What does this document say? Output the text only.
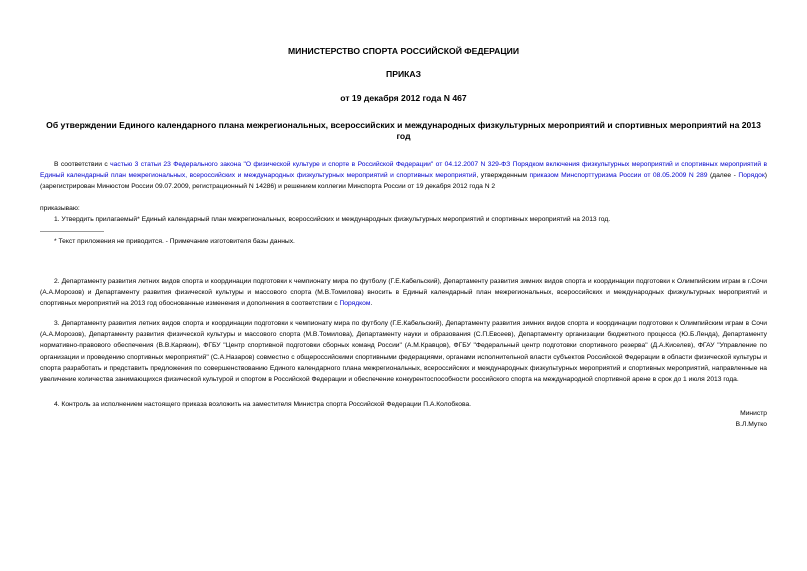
МИНИСТЕРСТВО СПОРТА РОССИЙСКОЙ ФЕДЕРАЦИИ
ПРИКАЗ
от 19 декабря 2012 года N 467
Об утверждении Единого календарного плана межрегиональных, всероссийских и международных физкультурных мероприятий и спортивных мероприятий на 2013 год
В соответствии с частью 3 статьи 23 Федерального закона "О физической культуре и спорте в Российской Федерации" от 04.12.2007 N 329-ФЗ Порядком включения физкультурных мероприятий и спортивных мероприятий в Единый календарный план межрегиональных, всероссийских и международных физкультурных мероприятий и спортивных мероприятий, утвержденным приказом Минспорттуризма России от 08.05.2009 N 289 (далее - Порядок) (зарегистрирован Минюстом России 09.07.2009, регистрационный N 14286) и решением коллегии Минспорта России от 19 декабря 2012 года N 2
приказываю:
1. Утвердить прилагаемый* Единый календарный план межрегиональных, всероссийских и международных физкультурных мероприятий и спортивных мероприятий на 2013 год.
* Текст приложения не приводится. - Примечание изготовителя базы данных.
2. Департаменту развития летних видов спорта и координации подготовки к чемпионату мира по футболу (Г.Е.Кабельский), Департаменту развития зимних видов спорта и координации подготовки к Олимпийским играм в г.Сочи (А.А.Морозов) и Департаменту развития физической культуры и массового спорта (М.В.Томилова) вносить в Единый календарный план межрегиональных, всероссийских и международных физкультурных мероприятий и спортивных мероприятий на 2013 год обоснованные изменения и дополнения в соответствии с Порядком.
3. Департаменту развития летних видов спорта и координации подготовки к чемпионату мира по футболу (Г.Е.Кабельский), Департаменту развития зимних видов спорта и координации подготовки к Олимпийским играм в Сочи (А.А.Морозов), Департаменту развития физической культуры и массового спорта (М.В.Томилова), Департаменту науки и образования (С.П.Евсеев), Департаменту организации бюджетного процесса (Ю.Б.Ленда), Департаменту нормативно-правового обеспечения (В.В.Карякин), ФГБУ "Центр спортивной подготовки сборных команд России" (А.М.Кравцов), ФГБУ "Федеральный центр подготовки спортивного резерва" (Д.А.Киселев), ФГАУ "Управление по организации и проведению спортивных мероприятий" (С.А.Назаров) совместно с общероссийскими спортивными федерациями, органами исполнительной власти субъектов Российской Федерации в области физической культуры и спорта разработать и представить предложения по совершенствованию Единого календарного плана межрегиональных, всероссийских и международных физкультурных мероприятий и спортивных мероприятий, направленные на увеличение количества занимающихся физической культурой и спортом в Российской Федерации и обеспечение конкурентоспособности российского спорта на международной спортивной арене в срок до 1 июля 2013 года.
4. Контроль за исполнением настоящего приказа возложить на заместителя Министра спорта Российской Федерации П.А.Колобкова.
Министр
В.Л.Мутко
